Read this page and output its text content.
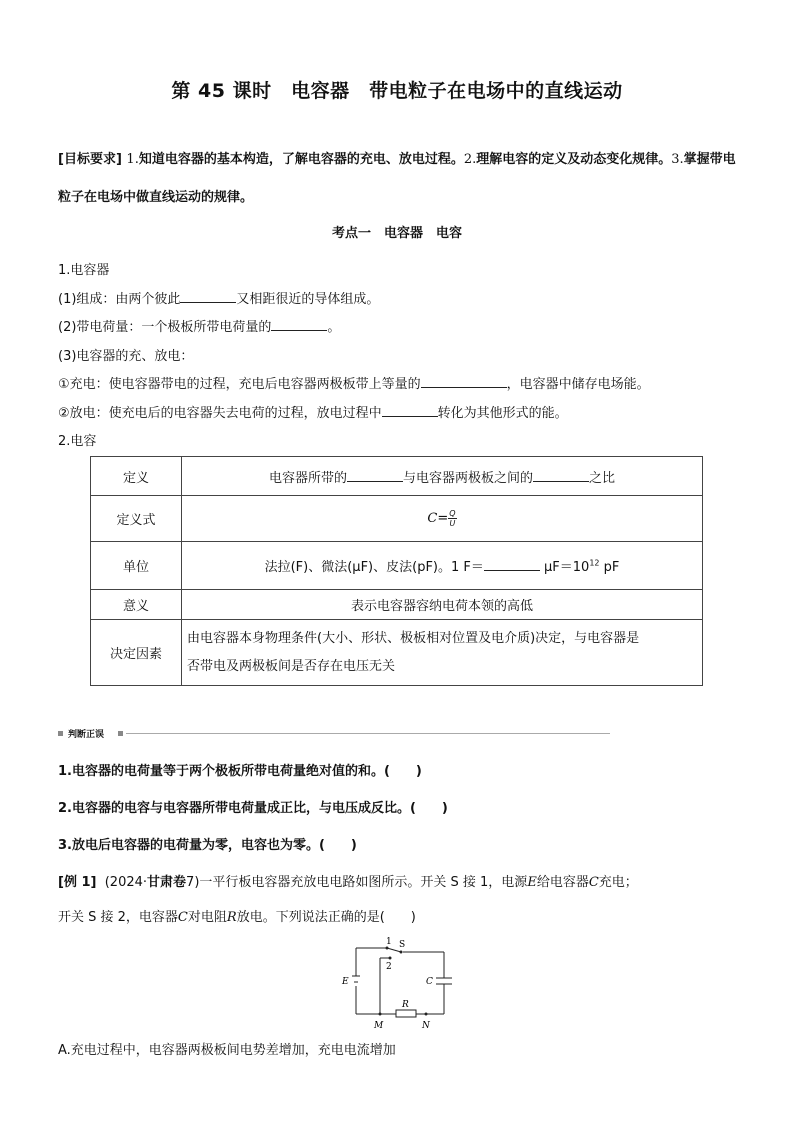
第 45 课时　电容器　带电粒子在电场中的直线运动
[目标要求] 1.知道电容器的基本构造，了解电容器的充电、放电过程。2.理解电容的定义及动态变化规律。3.掌握带电粒子在电场中做直线运动的规律。
考点一　电容器　电容
1.电容器
(1)组成：由两个彼此	又相距很近的导体组成。
(2)带电荷量：一个极板所带电荷量的	。
(3)电容器的充、放电：
①充电：使电容器带电的过程，充电后电容器两极板带上等量的	，电容器中储存电场能。
②放电：使充电后的电容器失去电荷的过程，放电过程中	转化为其他形式的能。
2.电容
定义	电容器所带的 与电容器两极板之间的 之比
定义式	$C= \frac{Q}{U}$

单位	法拉(F)、微法(μF)、皮法(pF)。1 $F= \mu F=10^{12}$ pF
意义	表示电容器容纳电荷本领的高低
决定因素	由电容器本身物理条件(大小、形状、极板相对位置及电介质)决定，与电容器是
否带电及两极板间是否存在电压无关
判断正误
1.电容器的电荷量等于两个极板所带电荷量绝对值的和。(　　)
2.电容器的电容与电容器所带电荷量成正比，与电压成反比。(　　)
3.放电后电容器的电荷量为零，电容也为零。(　　)
[例 1] (2024·甘肃卷7)一平行板电容器充放电电路如图所示。开关 S 接 1，电源E给电容器C充电；
开关 S 接 2，电容器C对电阻R放电。下列说法正确的是(　　)
1 S
2
E	C
R
M	N
A.充电过程中，电容器两极板间电势差增加，充电电流增加
